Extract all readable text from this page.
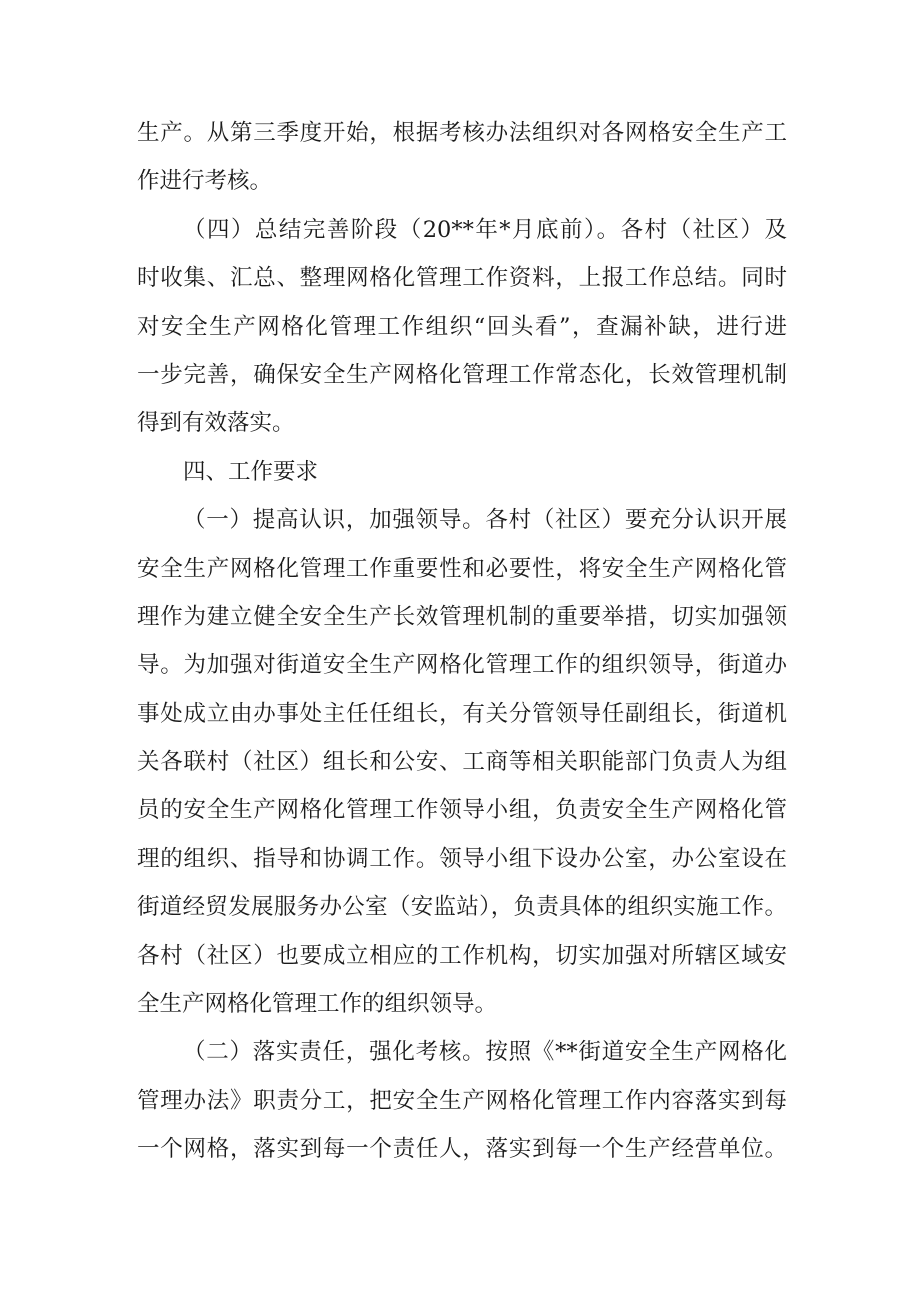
生产。从第三季度开始，根据考核办法组织对各网格安全生产工
作进行考核。
（四）总结完善阶段（20**年*月底前）。各村（社区）及
时收集、汇总、整理网格化管理工作资料，上报工作总结。同时
对安全生产网格化管理工作组织“回头看”，查漏补缺，进行进
一步完善，确保安全生产网格化管理工作常态化，长效管理机制
得到有效落实。
四、工作要求
（一）提高认识，加强领导。各村（社区）要充分认识开展
安全生产网格化管理工作重要性和必要性，将安全生产网格化管
理作为建立健全安全生产长效管理机制的重要举措，切实加强领
导。为加强对街道安全生产网格化管理工作的组织领导，街道办
事处成立由办事处主任任组长，有关分管领导任副组长，街道机
关各联村（社区）组长和公安、工商等相关职能部门负责人为组
员的安全生产网格化管理工作领导小组，负责安全生产网格化管
理的组织、指导和协调工作。领导小组下设办公室，办公室设在
街道经贸发展服务办公室（安监站），负责具体的组织实施工作。
各村（社区）也要成立相应的工作机构，切实加强对所辖区域安
全生产网格化管理工作的组织领导。
（二）落实责任，强化考核。按照《**街道安全生产网格化
管理办法》职责分工，把安全生产网格化管理工作内容落实到每
一个网格，落实到每一个责任人，落实到每一个生产经营单位。
